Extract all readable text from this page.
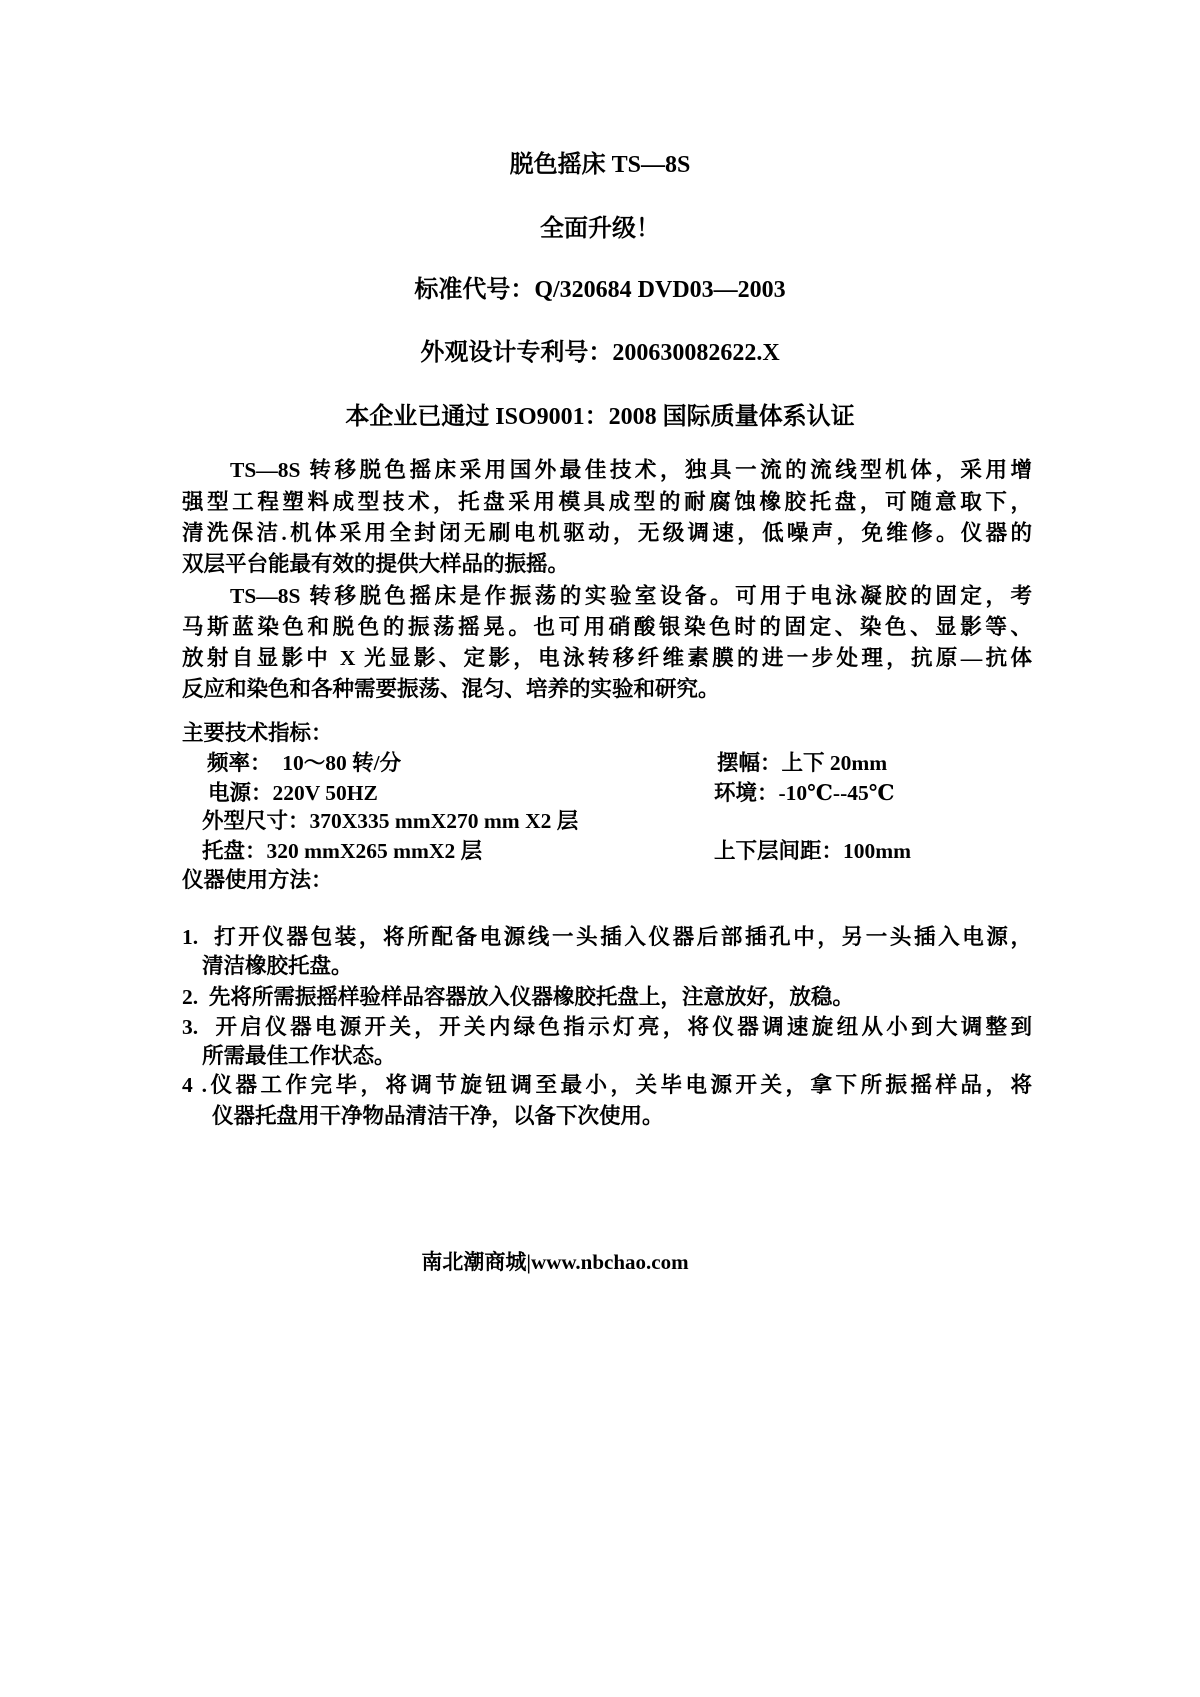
脱色摇床 TS—8S
全面升级！
标准代号：Q/320684 DVD03—2003
外观设计专利号：200630082622.X
本企业已通过 ISO9001：2008 国际质量体系认证
TS—8S 转移脱色摇床采用国外最佳技术，独具一流的流线型机体，采用增
强型工程塑料成型技术，托盘采用模具成型的耐腐蚀橡胶托盘，可随意取下，
清洗保洁.机体采用全封闭无刷电机驱动，无级调速，低噪声，免维修。仪器的
双层平台能最有效的提供大样品的振摇。
TS—8S 转移脱色摇床是作振荡的实验室设备。可用于电泳凝胶的固定，考
马斯蓝染色和脱色的振荡摇晃。也可用硝酸银染色时的固定、染色、显影等、
放射自显影中 X 光显影、定影，电泳转移纤维素膜的进一步处理，抗原—抗体
反应和染色和各种需要振荡、混匀、培养的实验和研究。
主要技术指标：
频率：  10～80 转/分	摆幅：上下 20mm
电源：220V 50HZ	环境：-10℃--45℃
外型尺寸：370X335 mmX270 mm X2 层
托盘：320 mmX265 mmX2 层	上下层间距：100mm
仪器使用方法：
1.  打开仪器包装，将所配备电源线一头插入仪器后部插孔中，另一头插入电源，
清洁橡胶托盘。
2.  先将所需振摇样验样品容器放入仪器橡胶托盘上，注意放好，放稳。
3.  开启仪器电源开关，开关内绿色指示灯亮，将仪器调速旋纽从小到大调整到
所需最佳工作状态。
4 .仪器工作完毕，将调节旋钮调至最小，关毕电源开关，拿下所振摇样品，将
仪器托盘用干净物品清洁干净，以备下次使用。
南北潮商城|www.nbchao.com
